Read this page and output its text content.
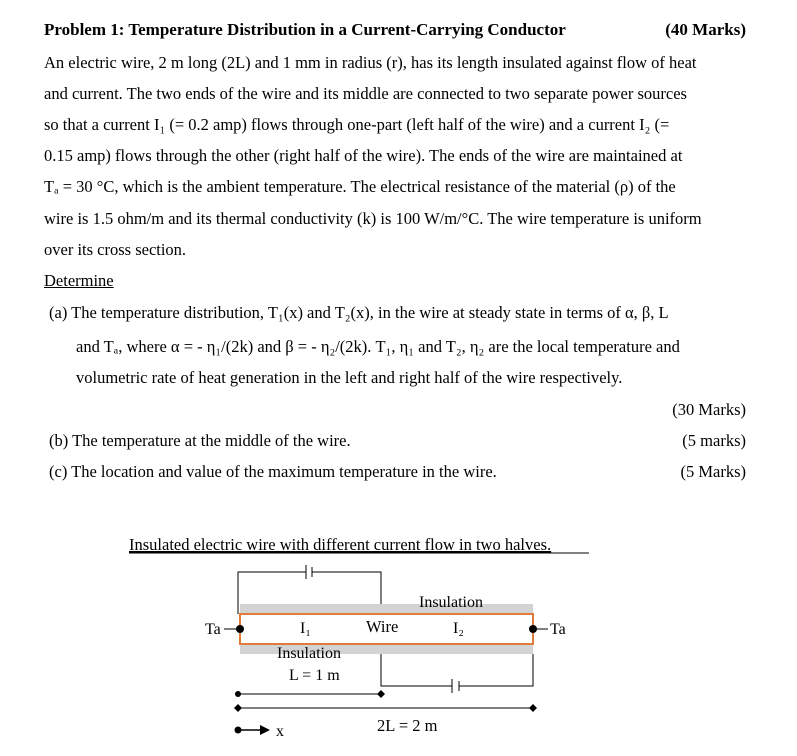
Problem 1: Temperature Distribution in a Current-Carrying Conductor	(40 Marks)
An electric wire, 2 m long (2L) and 1 mm in radius (r), has its length insulated against flow of heat
and current. The two ends of the wire and its middle are connected to two separate power sources
so that a current I₁ (= 0.2 amp) flows through one-part (left half of the wire) and a current I₂ (=
0.15 amp) flows through the other (right half of the wire). The ends of the wire are maintained at
Tₐ = 30 °C, which is the ambient temperature. The electrical resistance of the material (ρ) of the
wire is 1.5 ohm/m and its thermal conductivity (k) is 100 W/m/°C. The wire temperature is uniform
over its cross section.
Determine
(a) The temperature distribution, T₁(x) and T₂(x), in the wire at steady state in terms of α, β, L
and Tₐ, where α = - η₁/(2k) and β = - η₂/(2k). T₁, η₁ and T₂, η₂ are the local temperature and
volumetric rate of heat generation in the left and right half of the wire respectively.
(30 Marks)
(b) The temperature at the middle of the wire.	(5 marks)
(c) The location and value of the maximum temperature in the wire.	(5 Marks)
Insulated electric wire with different current flow in two halves.
Ta	Ta
I₁	Wire	I₂
Insulation
Insulation
L = 1 m
x	2L = 2 m
